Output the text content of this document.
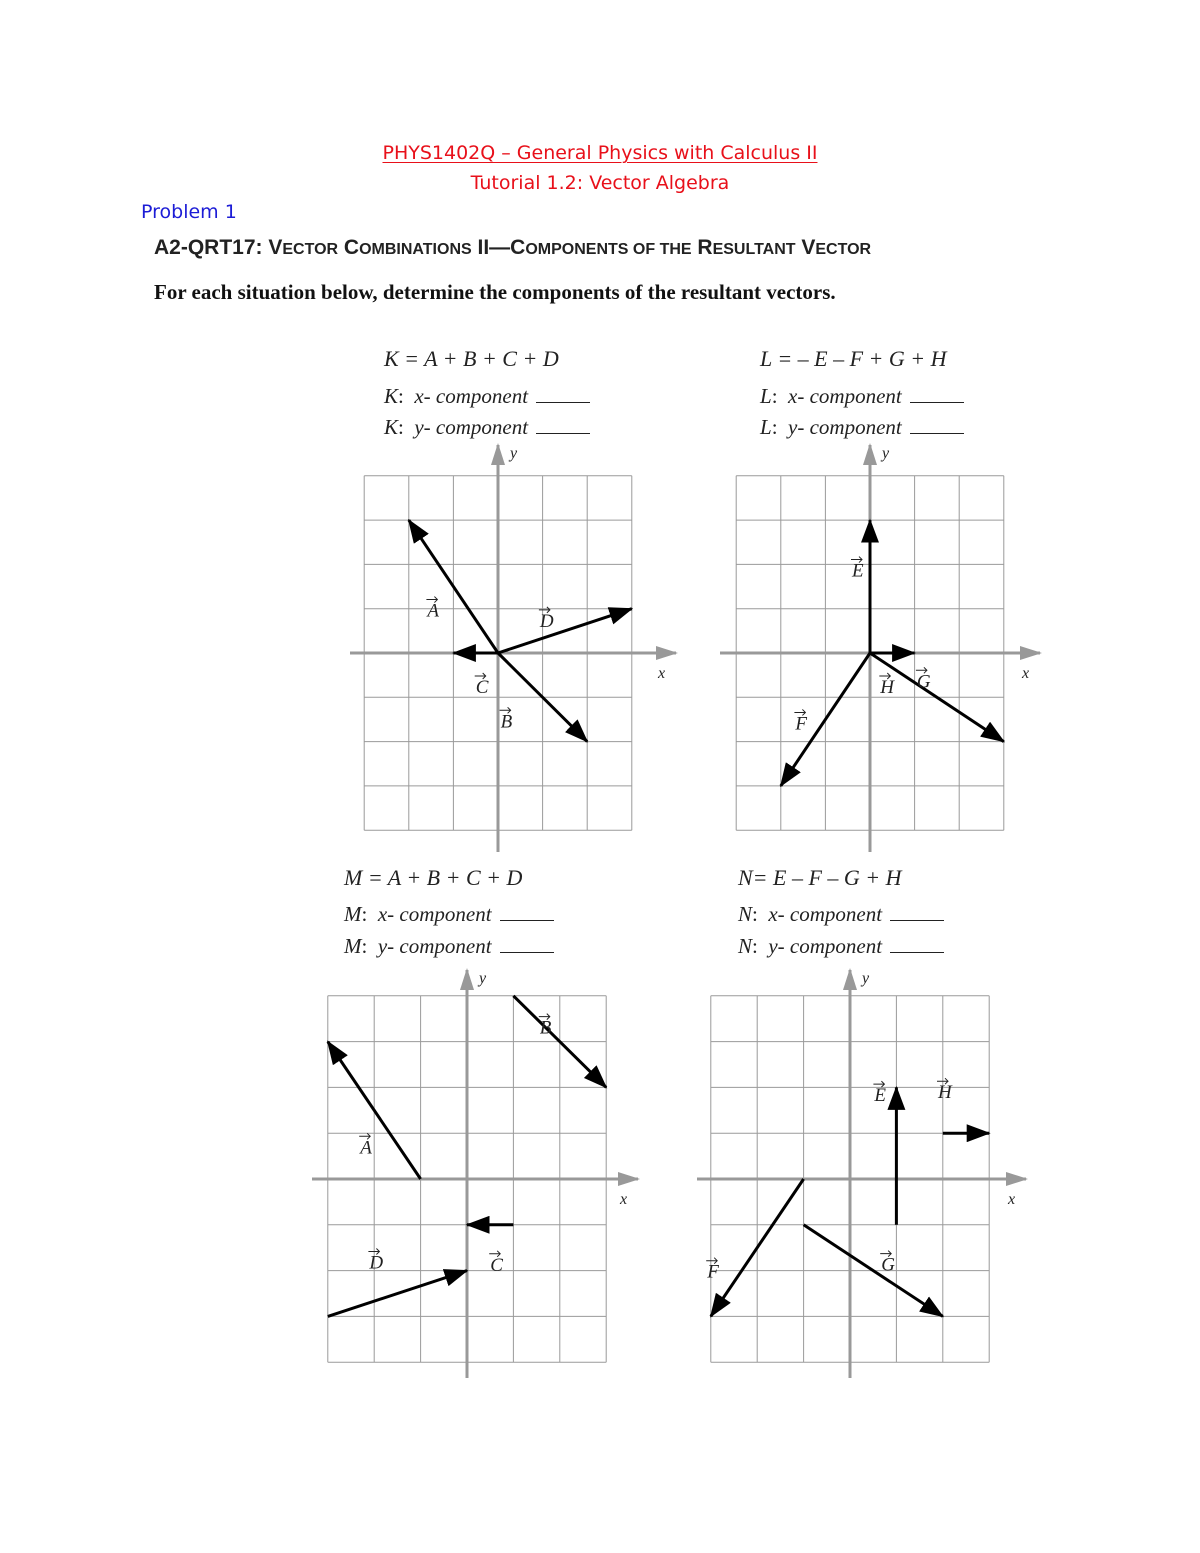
PHYS1402Q – General Physics with Calculus II
Tutorial 1.2: Vector Algebra
Problem 1
A2-QRT17: VECTOR COMBINATIONS II—COMPONENTS OF THE RESULTANT VECTOR
For each situation below, determine the components of the resultant vectors.
K = A + B + C + D
K:  x- component
K:  y- component
L = – E – F + G + H
L:  x- component
L:  y- component
M = A + B + C + D
M:  x- component
M:  y- component
N= E – F – G + H
N:  x- component
N:  y- component
x
y
A
B
C
D
x
y
E
F
G
H
x
y
A
B
C
D
x
y
E
F	G
H
